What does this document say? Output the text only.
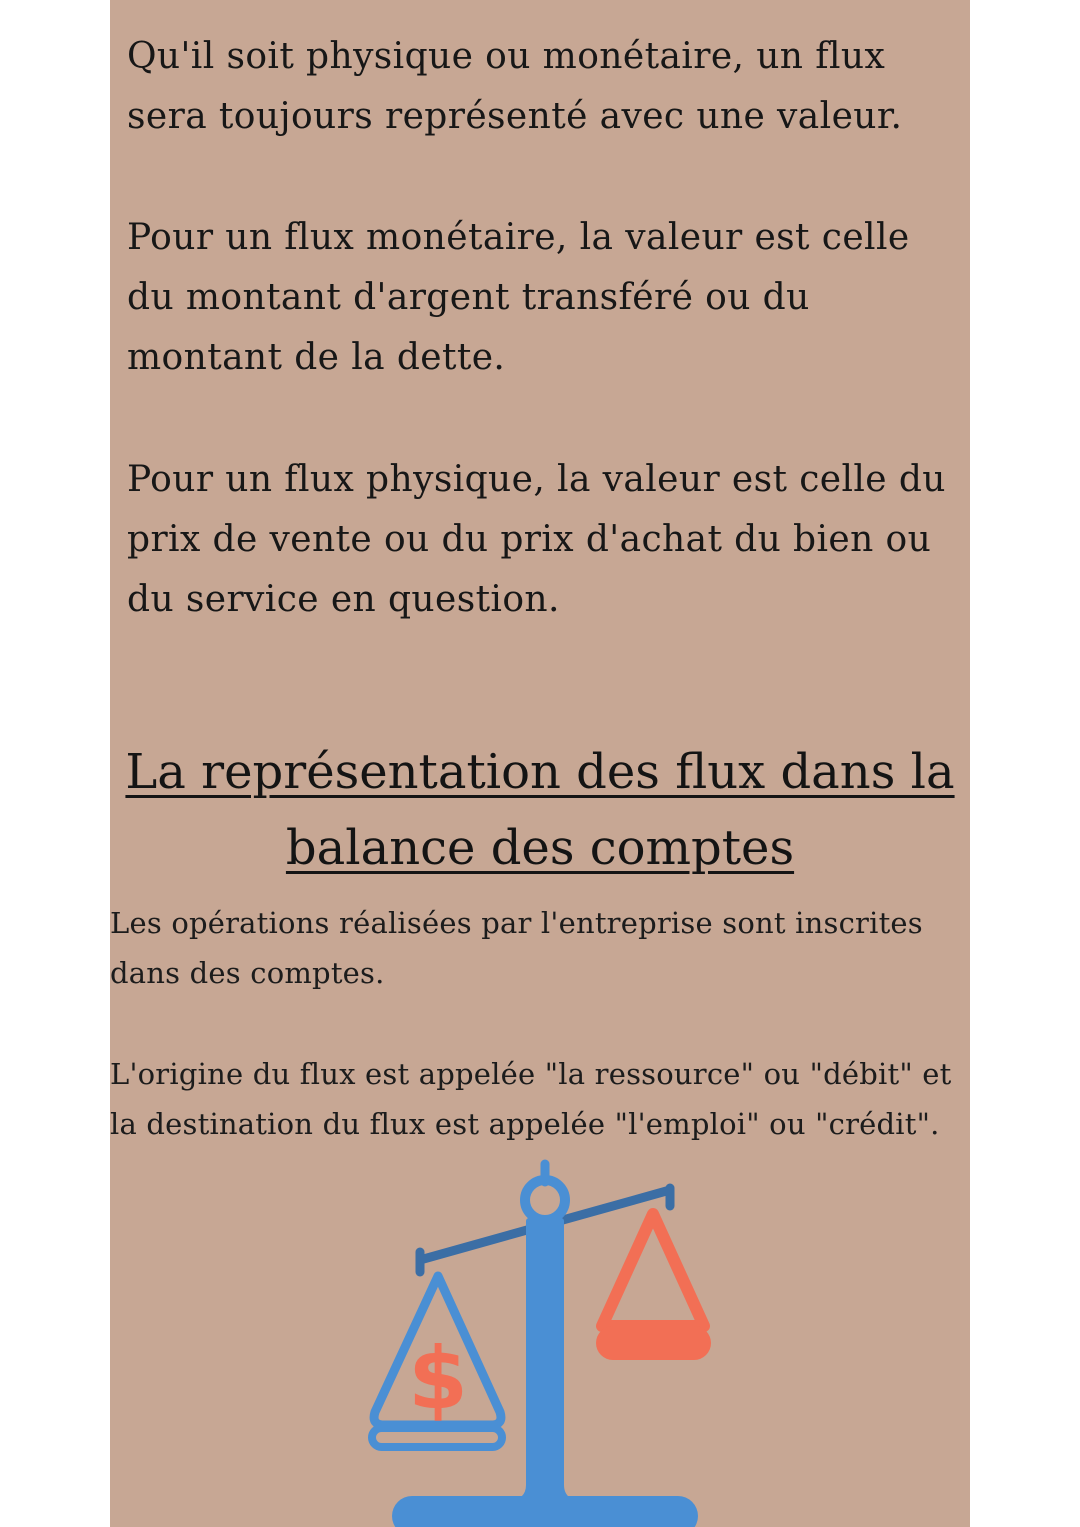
Qu'il soit physique ou monétaire, un flux sera toujours représenté avec une valeur.

Pour un flux monétaire, la valeur est celle du montant d'argent transféré ou du montant de la dette.

Pour un flux physique, la valeur est celle du prix de vente ou du prix d'achat du bien ou du service en question.

La représentation des flux dans la balance des comptes

Les opérations réalisées par l'entreprise sont inscrites dans des comptes.

L'origine du flux est appelée "la ressource" ou "débit" et la destination du flux est appelée "l'emploi" ou "crédit".

$
